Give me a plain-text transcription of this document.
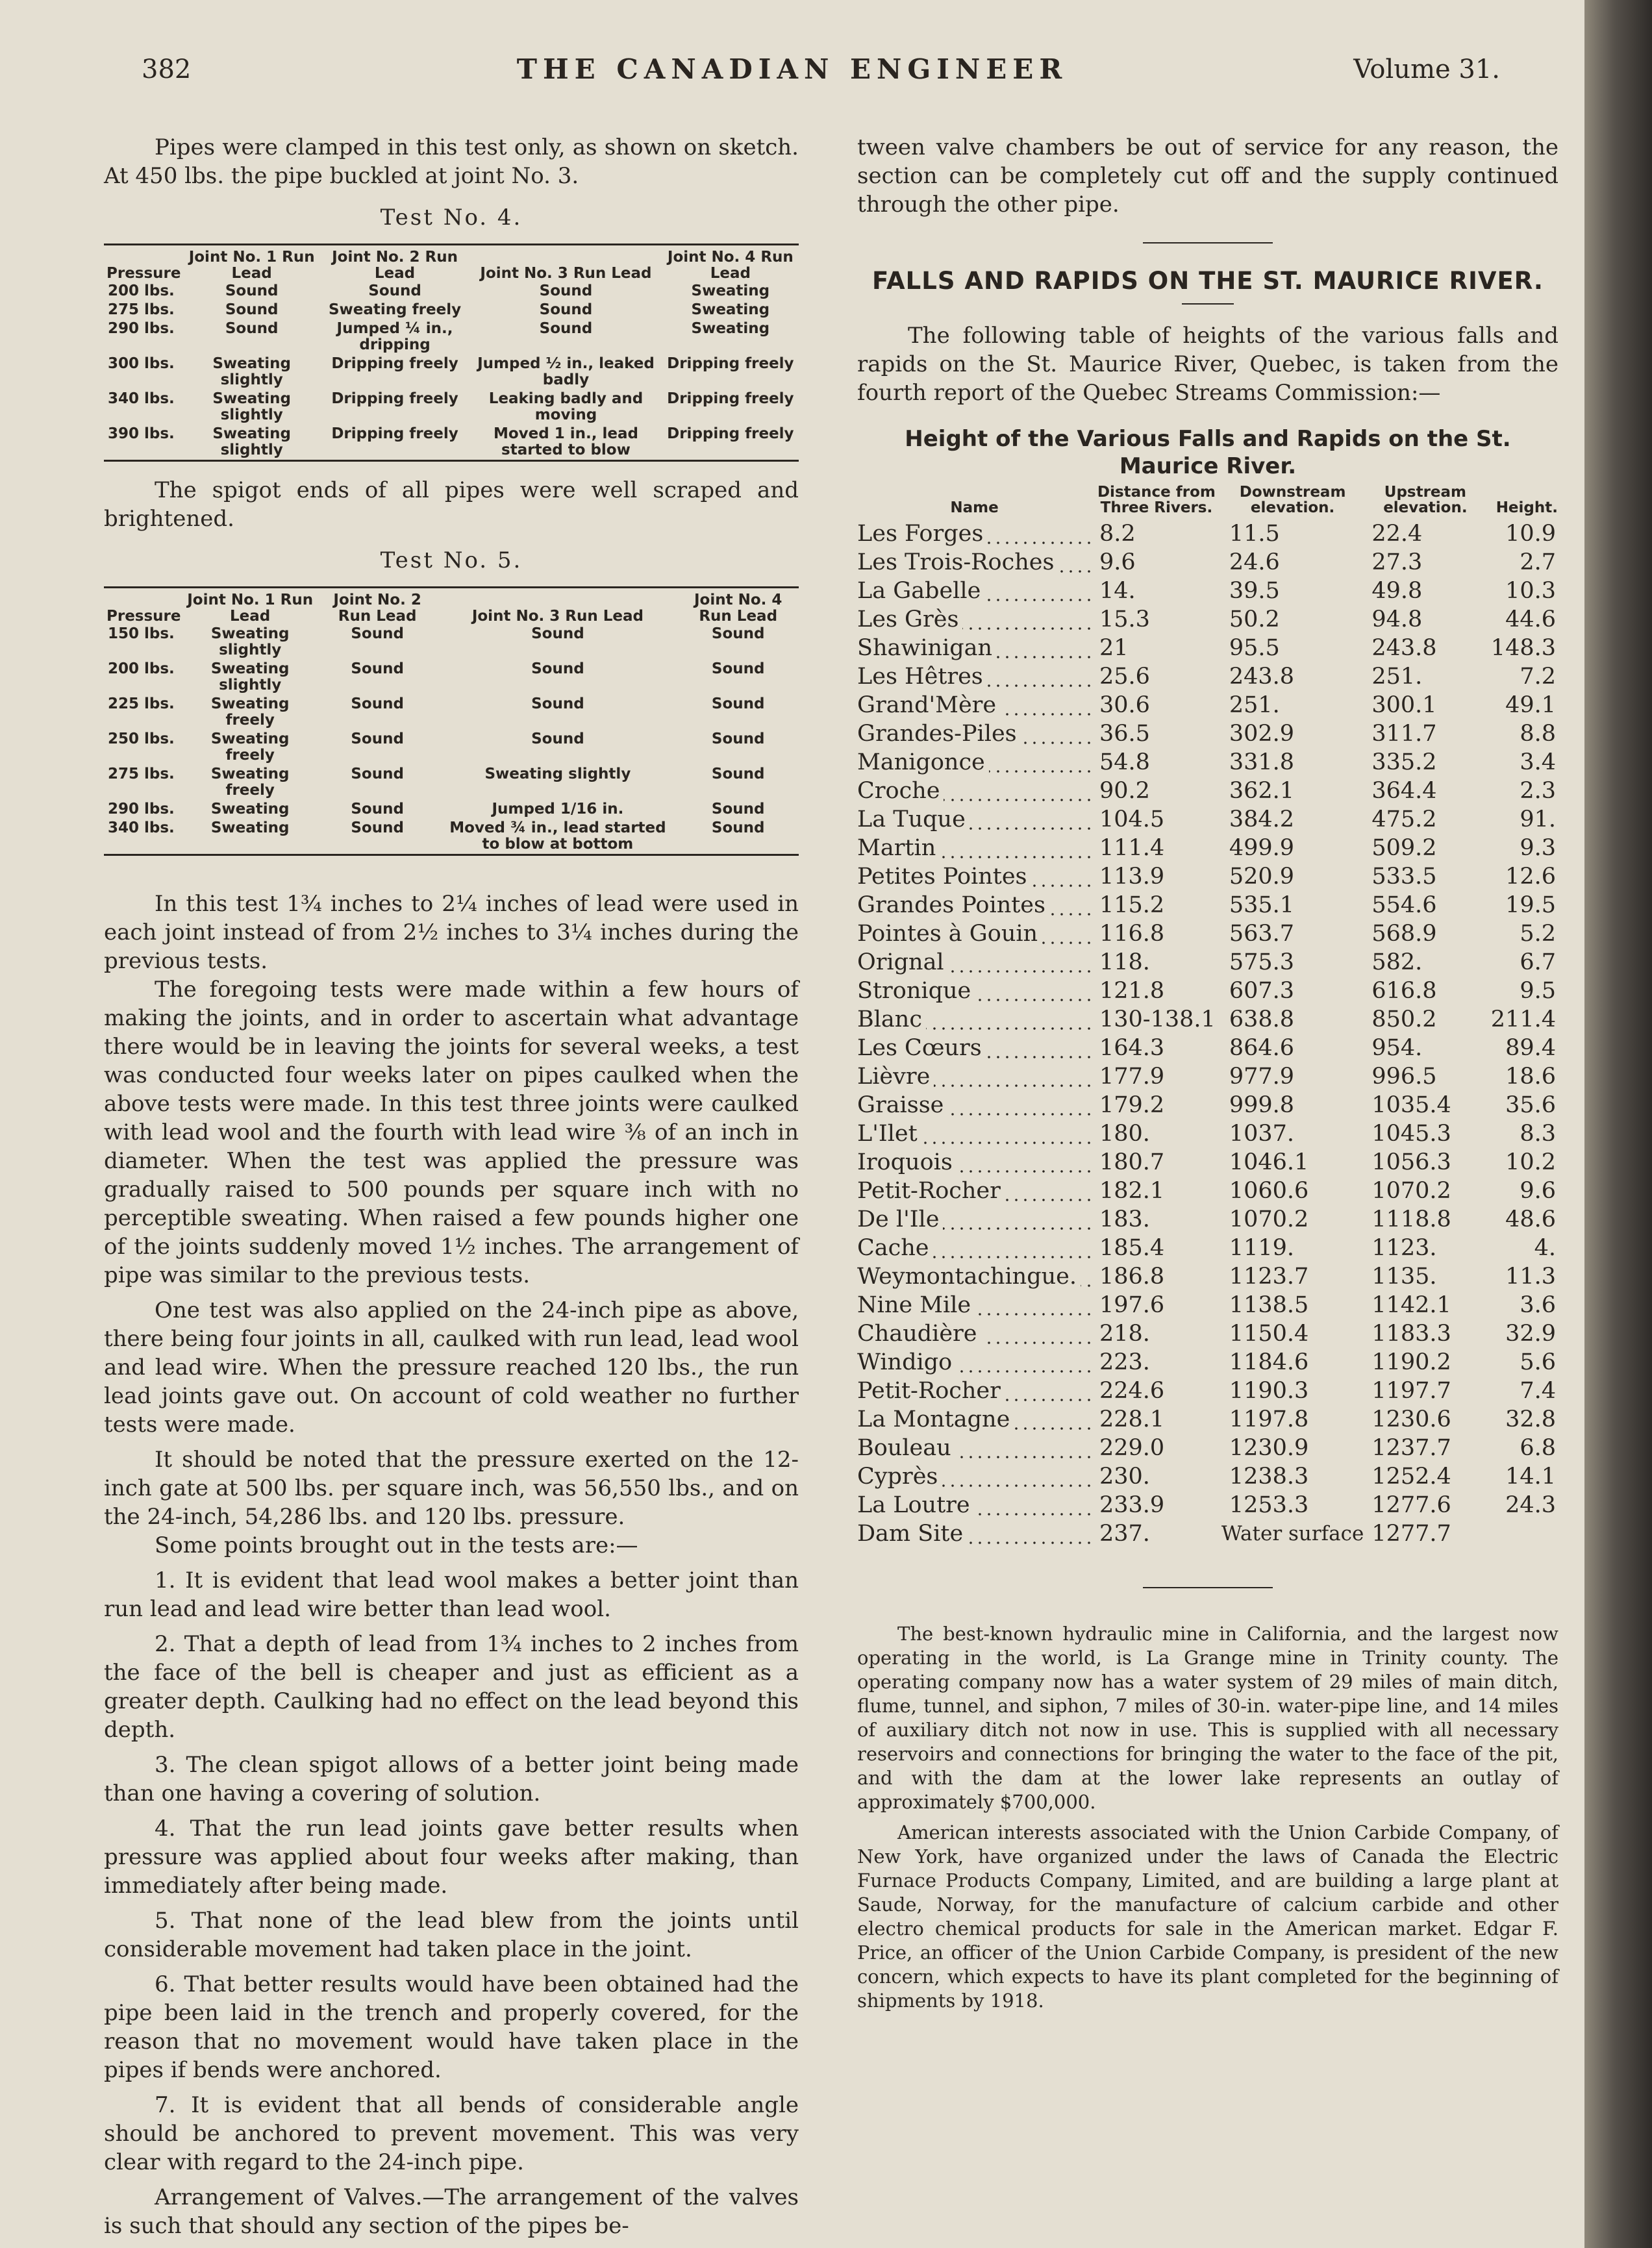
382	THE CANADIAN ENGINEER	Volume 31.

Pipes were clamped in this test only, as shown on sketch. At 450 lbs. the pipe buckled at joint No. 3.

Test No. 4.
Pressure	Joint No. 1 Run Lead	Joint No. 2 Run Lead	Joint No. 3 Run Lead	Joint No. 4 Run Lead
200 lbs.	Sound	Sound	Sound	Sweating
275 lbs.	Sound	Sweating freely	Sound	Sweating
290 lbs.	Sound	Jumped ¼ in., dripping	Sound	Sweating
300 lbs.	Sweating slightly	Dripping freely	Jumped ½ in., leaked badly	Dripping freely
340 lbs.	Sweating slightly	Dripping freely	Leaking badly and moving	Dripping freely
390 lbs.	Sweating slightly	Dripping freely	Moved 1 in., lead started to blow	Dripping freely

The spigot ends of all pipes were well scraped and brightened.

Test No. 5.
Pressure	Joint No. 1 Run Lead	Joint No. 2 Run Lead	Joint No. 3 Run Lead	Joint No. 4 Run Lead
150 lbs.	Sweating slightly	Sound	Sound	Sound
200 lbs.	Sweating slightly	Sound	Sound	Sound
225 lbs.	Sweating freely	Sound	Sound	Sound
250 lbs.	Sweating freely	Sound	Sound	Sound
275 lbs.	Sweating freely	Sound	Sweating slightly	Sound
290 lbs.	Sweating	Sound	Jumped 1/16 in.	Sound
340 lbs.	Sweating	Sound	Moved ¾ in., lead started to blow at bottom	Sound

In this test 1¾ inches to 2¼ inches of lead were used in each joint instead of from 2½ inches to 3¼ inches during the previous tests.

The foregoing tests were made within a few hours of making the joints, and in order to ascertain what advantage there would be in leaving the joints for several weeks, a test was conducted four weeks later on pipes caulked when the above tests were made. In this test three joints were caulked with lead wool and the fourth with lead wire ⅜ of an inch in diameter. When the test was applied the pressure was gradually raised to 500 pounds per square inch with no perceptible sweating. When raised a few pounds higher one of the joints suddenly moved 1½ inches. The arrangement of pipe was similar to the previous tests.

One test was also applied on the 24-inch pipe as above, there being four joints in all, caulked with run lead, lead wool and lead wire. When the pressure reached 120 lbs., the run lead joints gave out. On account of cold weather no further tests were made.

It should be noted that the pressure exerted on the 12-inch gate at 500 lbs. per square inch, was 56,550 lbs., and on the 24-inch, 54,286 lbs. and 120 lbs. pressure.

Some points brought out in the tests are:—

1. It is evident that lead wool makes a better joint than run lead and lead wire better than lead wool.

2. That a depth of lead from 1¾ inches to 2 inches from the face of the bell is cheaper and just as efficient as a greater depth. Caulking had no effect on the lead beyond this depth.

3. The clean spigot allows of a better joint being made than one having a covering of solution.

4. That the run lead joints gave better results when pressure was applied about four weeks after making, than immediately after being made.

5. That none of the lead blew from the joints until considerable movement had taken place in the joint.

6. That better results would have been obtained had the pipe been laid in the trench and properly covered, for the reason that no movement would have taken place in the pipes if bends were anchored.

7. It is evident that all bends of considerable angle should be anchored to prevent movement. This was very clear with regard to the 24-inch pipe.

Arrangement of Valves.—The arrangement of the valves is such that should any section of the pipes be-

tween valve chambers be out of service for any reason, the section can be completely cut off and the supply continued through the other pipe.

FALLS AND RAPIDS ON THE ST. MAURICE RIVER.

The following table of heights of the various falls and rapids on the St. Maurice River, Quebec, is taken from the fourth report of the Quebec Streams Commission:—

Height of the Various Falls and Rapids on the St. Maurice River.
Name	Distance from Three Rivers.	Downstream elevation.	Upstream elevation.	Height.
Les Forges	8.2	11.5	22.4	10.9
Les Trois-Roches	9.6	24.6	27.3	2.7
La Gabelle	14.	39.5	49.8	10.3
Les Grès	15.3	50.2	94.8	44.6
Shawinigan	21	95.5	243.8	148.3
Les Hêtres	25.6	243.8	251.	7.2
Grand'Mère	30.6	251.	300.1	49.1
Grandes-Piles	36.5	302.9	311.7	8.8
Manigonce	54.8	331.8	335.2	3.4
Croche	90.2	362.1	364.4	2.3
La Tuque	104.5	384.2	475.2	91.
Martin	111.4	499.9	509.2	9.3
Petites Pointes	113.9	520.9	533.5	12.6
Grandes Pointes	115.2	535.1	554.6	19.5
Pointes à Gouin	116.8	563.7	568.9	5.2
Orignal	118.	575.3	582.	6.7
Stronique	121.8	607.3	616.8	9.5
Blanc	130-138.1	638.8	850.2	211.4
Les Cœurs	164.3	864.6	954.	89.4
Lièvre	177.9	977.9	996.5	18.6
Graisse	179.2	999.8	1035.4	35.6
L'Ilet	180.	1037.	1045.3	8.3
Iroquois	180.7	1046.1	1056.3	10.2
Petit-Rocher	182.1	1060.6	1070.2	9.6
De l'Ile	183.	1070.2	1118.8	48.6
Cache	185.4	1119.	1123.	4.
Weymontachingue.	186.8	1123.7	1135.	11.3
Nine Mile	197.6	1138.5	1142.1	3.6
Chaudière	218.	1150.4	1183.3	32.9
Windigo	223.	1184.6	1190.2	5.6
Petit-Rocher	224.6	1190.3	1197.7	7.4
La Montagne	228.1	1197.8	1230.6	32.8
Bouleau	229.0	1230.9	1237.7	6.8
Cyprès	230.	1238.3	1252.4	14.1
La Loutre	233.9	1253.3	1277.6	24.3
Dam Site	237.	Water surface	1277.7	

The best-known hydraulic mine in California, and the largest now operating in the world, is La Grange mine in Trinity county. The operating company now has a water system of 29 miles of main ditch, flume, tunnel, and siphon, 7 miles of 30-in. water-pipe line, and 14 miles of auxiliary ditch not now in use. This is supplied with all necessary reservoirs and connections for bringing the water to the face of the pit, and with the dam at the lower lake represents an outlay of approximately $700,000.

American interests associated with the Union Carbide Company, of New York, have organized under the laws of Canada the Electric Furnace Products Company, Limited, and are building a large plant at Saude, Norway, for the manufacture of calcium carbide and other electro chemical products for sale in the American market. Edgar F. Price, an officer of the Union Carbide Company, is president of the new concern, which expects to have its plant completed for the beginning of shipments by 1918.
